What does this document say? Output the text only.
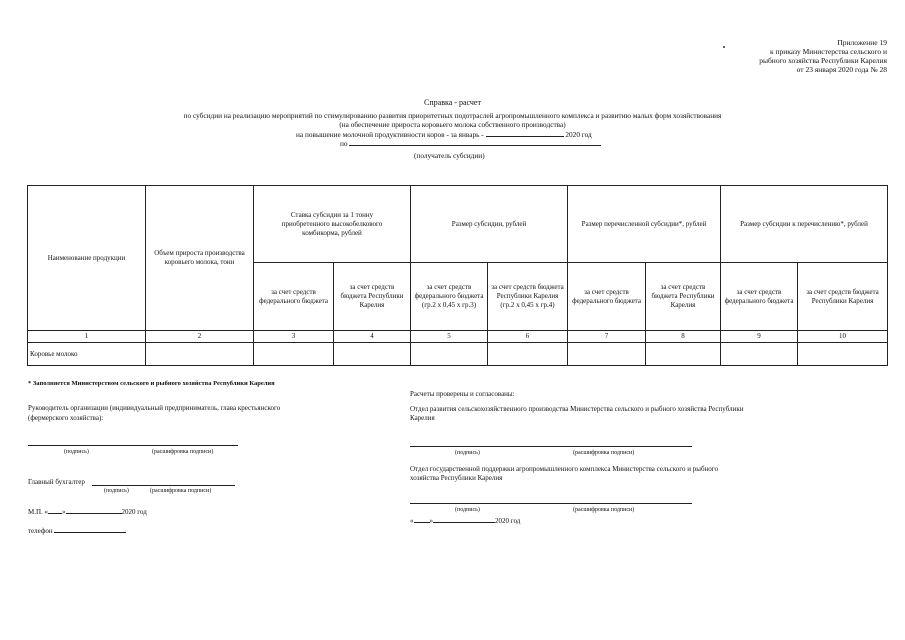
Приложение 19
к приказу Министерства сельского и
рыбного хозяйства Республики Карелия
от 23 января 2020 года № 28
Справка - расчет
по субсидии на реализацию мероприятий по стимулированию развития приоритетных подотраслей агропромышленного комплекса и развитию малых форм хозяйствования
(на обеспечение прироста коровьего молока собственного производства)
на повышение молочной продуктивности коров - за январь -	2020 год
по
(получатель субсидии)
Наименование продукции	Объем прироста производства коровьего молока, тонн	Ставка субсидии за 1 тонну приобретенного высокобелкового комбикорма, рублей		Размер субсидии, рублей		Размер перечисленной субсидии*, рублей		Размер субсидии к перечислению*, рублей	
		за счет средств федерального бюджета	за счет средств бюджета Республики Карелия	за счет средств федерального бюджета (гр.2 х 0,45 х гр.3)	за счет средств бюджета Республики Карелия (гр.2 х 0,45 х гр.4)	за счет средств федерального бюджета	за счет средств бюджета Республики Карелия	за счет средств федерального бюджета	за счет средств бюджета Республики Карелия
1	2	3	4	5	6	7	8	9	10
Коровье молоко									
* Заполняется Министерством сельского и рыбного хозяйства Республики Карелия
Руководитель организации (индивидуальный предприниматель, глава крестьянского
(фермерского хозяйства):
(подпись)	(расшифровка подписи)
Главный бухгалтер
(подпись)	(расшифровка подписи)
М.П. « »	2020 год
телефон
Расчеты проверены и согласованы:
Отдел развития сельскохозяйственного производства Министерства сельского и рыбного хозяйства Республики
Карелия
(подпись)	(расшифровка подписи)
Отдел государственной поддержки агропромышленного комплекса Министерства сельского и рыбного
хозяйства Республики Карелия
(подпись)	(расшифровка подписи)
« »	2020 год
